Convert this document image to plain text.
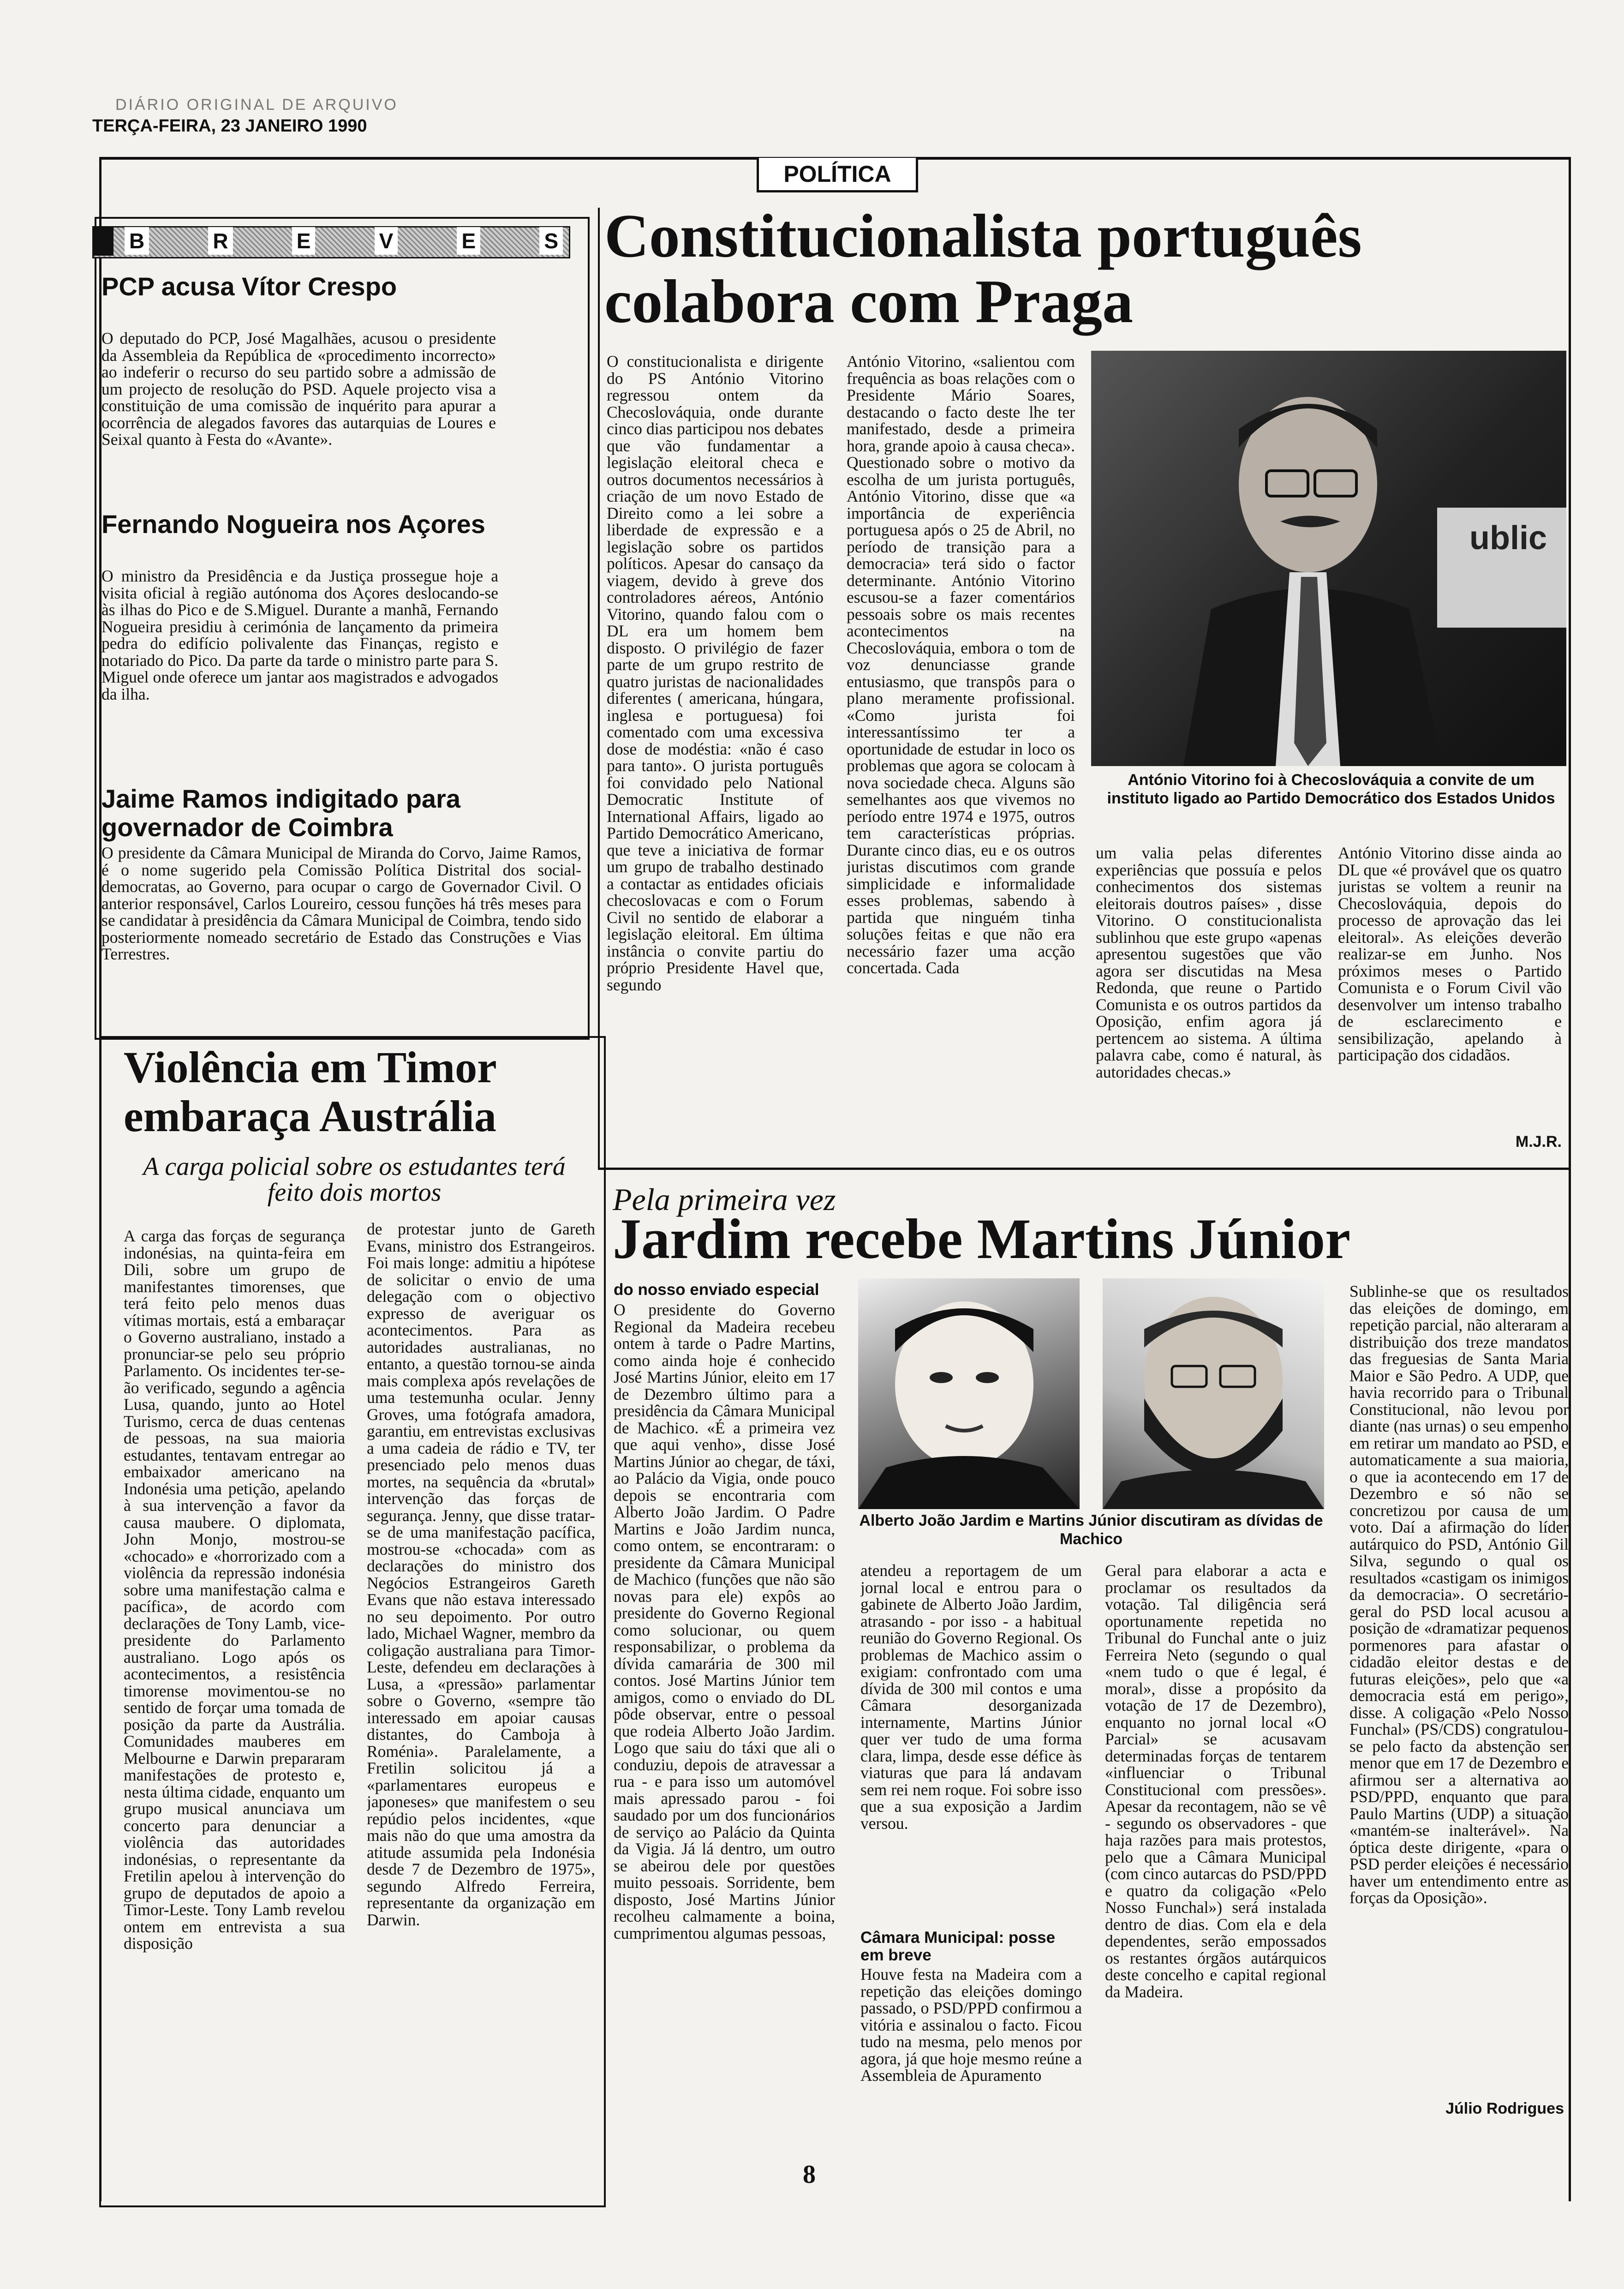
DIÁRIO ORIGINAL DE ARQUIVO
TERÇA-FEIRA, 23 JANEIRO 1990
POLÍTICA
B	R	E	V	E	S
PCP acusa Vítor Crespo
O deputado do PCP, José Magalhães, acusou o presidente da Assembleia da República de «procedimento incorrecto» ao indeferir o recurso do seu partido sobre a admissão de um projecto de resolução do PSD. Aquele projecto visa a constituição de uma comissão de inquérito para apurar a ocorrência de alegados favores das autarquias de Loures e Seixal quanto à Festa do «Avante».
Fernando Nogueira nos Açores
O ministro da Presidência e da Justiça prossegue hoje a visita oficial à região autónoma dos Açores deslocando-se às ilhas do Pico e de S.Miguel. Durante a manhã, Fernando Nogueira presidiu à cerimónia de lançamento da primeira pedra do edifício polivalente das Finanças, registo e notariado do Pico. Da parte da tarde o ministro parte para S. Miguel onde oferece um jantar aos magistrados e advogados da ilha.
Jaime Ramos indigitado para governador de Coimbra
O presidente da Câmara Municipal de Miranda do Corvo, Jaime Ramos, é o nome sugerido pela Comissão Política Distrital dos social-democratas, ao Governo, para ocupar o cargo de Governador Civil. O anterior responsável, Carlos Loureiro, cessou funções há três meses para se candidatar à presidência da Câmara Municipal de Coimbra, tendo sido posteriormente nomeado secretário de Estado das Construções e Vias Terrestres.
Constitucionalista português colabora com Praga
O constitucionalista e dirigente do PS António Vitorino regressou ontem da Checoslováquia, onde durante cinco dias participou nos debates que vão fundamentar a legislação eleitoral checa e outros documentos necessários à criação de um novo Estado de Direito como a lei sobre a liberdade de expressão e a legislação sobre os partidos políticos. Apesar do cansaço da viagem, devido à greve dos controladores aéreos, António Vitorino, quando falou com o DL era um homem bem disposto. O privilégio de fazer parte de um grupo restrito de quatro juristas de nacionalidades diferentes ( americana, húngara, inglesa e portuguesa) foi comentado com uma excessiva dose de modéstia: «não é caso para tanto». O jurista português foi convidado pelo National Democratic Institute of International Affairs, ligado ao Partido Democrático Americano, que teve a iniciativa de formar um grupo de trabalho destinado a contactar as entidades oficiais checoslovacas e com o Forum Civil no sentido de elaborar a legislação eleitoral. Em última instância o convite partiu do próprio Presidente Havel que, segundo
António Vitorino, «salientou com frequência as boas relações com o Presidente Mário Soares, destacando o facto deste lhe ter manifestado, desde a primeira hora, grande apoio à causa checa». Questionado sobre o motivo da escolha de um jurista português, António Vitorino, disse que «a importância de experiência portuguesa após o 25 de Abril, no período de transição para a democracia» terá sido o factor determinante. António Vitorino escusou-se a fazer comentários pessoais sobre os mais recentes acontecimentos na Checoslováquia, embora o tom de voz denunciasse grande entusiasmo, que transpôs para o plano meramente profissional. «Como jurista foi interessantíssimo ter a oportunidade de estudar in loco os problemas que agora se colocam à nova sociedade checa. Alguns são semelhantes aos que vivemos no período entre 1974 e 1975, outros tem características próprias. Durante cinco dias, eu e os outros juristas discutimos com grande simplicidade e informalidade esses problemas, sabendo à partida que ninguém tinha soluções feitas e que não era necessário fazer uma acção concertada. Cada
ublic
António Vitorino foi à Checoslováquia a convite de um instituto ligado ao Partido Democrático dos Estados Unidos
um valia pelas diferentes experiências que possuía e pelos conhecimentos dos sistemas eleitorais doutros países» , disse Vitorino. O constitucionalista sublinhou que este grupo «apenas apresentou sugestões que vão agora ser discutidas na Mesa Redonda, que reune o Partido Comunista e os outros partidos da Oposição, enfim agora já pertencem ao sistema. A última palavra cabe, como é natural, às autoridades checas.»
António Vitorino disse ainda ao DL que «é provável que os quatro juristas se voltem a reunir na Checoslováquia, depois do processo de aprovação das lei eleitoral». As eleições deverão realizar-se em Junho. Nos próximos meses o Partido Comunista e o Forum Civil vão desenvolver um intenso trabalho de esclarecimento e sensibilização, apelando à participação dos cidadãos.
M.J.R.
Violência em Timor embaraça Austrália
A carga policial sobre os estudantes terá feito dois mortos
A carga das forças de segurança indonésias, na quinta-feira em Dili, sobre um grupo de manifestantes timorenses, que terá feito pelo menos duas vítimas mortais, está a embaraçar o Governo australiano, instado a pronunciar-se pelo seu próprio Parlamento. Os incidentes ter-se-ão verificado, segundo a agência Lusa, quando, junto ao Hotel Turismo, cerca de duas centenas de pessoas, na sua maioria estudantes, tentavam entregar ao embaixador americano na Indonésia uma petição, apelando à sua intervenção a favor da causa maubere. O diplomata, John Monjo, mostrou-se «chocado» e «horrorizado com a violência da repressão indonésia sobre uma manifestação calma e pacífica», de acordo com declarações de Tony Lamb, vice-presidente do Parlamento australiano. Logo após os acontecimentos, a resistência timorense movimentou-se no sentido de forçar uma tomada de posição da parte da Austrália. Comunidades mauberes em Melbourne e Darwin prepararam manifestações de protesto e, nesta última cidade, enquanto um grupo musical anunciava um concerto para denunciar a violência das autoridades indonésias, o representante da Fretilin apelou à intervenção do grupo de deputados de apoio a Timor-Leste. Tony Lamb revelou ontem em entrevista a sua disposição
de protestar junto de Gareth Evans, ministro dos Estrangeiros. Foi mais longe: admitiu a hipótese de solicitar o envio de uma delegação com o objectivo expresso de averiguar os acontecimentos. Para as autoridades australianas, no entanto, a questão tornou-se ainda mais complexa após revelações de uma testemunha ocular. Jenny Groves, uma fotógrafa amadora, garantiu, em entrevistas exclusivas a uma cadeia de rádio e TV, ter presenciado pelo menos duas mortes, na sequência da «brutal» intervenção das forças de segurança. Jenny, que disse tratar-se de uma manifestação pacífica, mostrou-se «chocada» com as declarações do ministro dos Negócios Estrangeiros Gareth Evans que não estava interessado no seu depoimento. Por outro lado, Michael Wagner, membro da coligação australiana para Timor-Leste, defendeu em declarações à Lusa, a «pressão» parlamentar sobre o Governo, «sempre tão interessado em apoiar causas distantes, do Camboja à Roménia». Paralelamente, a Fretilin solicitou já a «parlamentares europeus e japoneses» que manifestem o seu repúdio pelos incidentes, «que mais não do que uma amostra da atitude assumida pela Indonésia desde 7 de Dezembro de 1975», segundo Alfredo Ferreira, representante da organização em Darwin.
Pela primeira vez
Jardim recebe Martins Júnior
do nosso enviado especial
O presidente do Governo Regional da Madeira recebeu ontem à tarde o Padre Martins, como ainda hoje é conhecido José Martins Júnior, eleito em 17 de Dezembro último para a presidência da Câmara Municipal de Machico. «É a primeira vez que aqui venho», disse José Martins Júnior ao chegar, de táxi, ao Palácio da Vigia, onde pouco depois se encontraria com Alberto João Jardim. O Padre Martins e João Jardim nunca, como ontem, se encontraram: o presidente da Câmara Municipal de Machico (funções que não são novas para ele) expôs ao presidente do Governo Regional como solucionar, ou quem responsabilizar, o problema da dívida camarária de 300 mil contos. José Martins Júnior tem amigos, como o enviado do DL pôde observar, entre o pessoal que rodeia Alberto João Jardim. Logo que saiu do táxi que ali o conduziu, depois de atravessar a rua - e para isso um automóvel mais apressado parou - foi saudado por um dos funcionários de serviço ao Palácio da Quinta da Vigia. Já lá dentro, um outro se abeirou dele por questões muito pessoais. Sorridente, bem disposto, José Martins Júnior recolheu calmamente a boina, cumprimentou algumas pessoas,
Alberto João Jardim e Martins Júnior discutiram as dívidas de Machico
atendeu a reportagem de um jornal local e entrou para o gabinete de Alberto João Jardim, atrasando - por isso - a habitual reunião do Governo Regional. Os problemas de Machico assim o exigiam: confrontado com uma dívida de 300 mil contos e uma Câmara desorganizada internamente, Martins Júnior quer ver tudo de uma forma clara, limpa, desde esse défice às viaturas que para lá andavam sem rei nem roque. Foi sobre isso que a sua exposição a Jardim versou.
Câmara Municipal: posse em breve
Houve festa na Madeira com a repetição das eleições domingo passado, o PSD/PPD confirmou a vitória e assinalou o facto. Ficou tudo na mesma, pelo menos por agora, já que hoje mesmo reúne a Assembleia de Apuramento
Geral para elaborar a acta e proclamar os resultados da votação. Tal diligência será oportunamente repetida no Tribunal do Funchal ante o juiz Ferreira Neto (segundo o qual «nem tudo o que é legal, é moral», disse a propósito da votação de 17 de Dezembro), enquanto no jornal local «O Parcial» se acusavam determinadas forças de tentarem «influenciar o Tribunal Constitucional com pressões». Apesar da recontagem, não se vê - segundo os observadores - que haja razões para mais protestos, pelo que a Câmara Municipal (com cinco autarcas do PSD/PPD e quatro da coligação «Pelo Nosso Funchal») será instalada dentro de dias. Com ela e dela dependentes, serão empossados os restantes órgãos autárquicos deste concelho e capital regional da Madeira.
Sublinhe-se que os resultados das eleições de domingo, em repetição parcial, não alteraram a distribuição dos treze mandatos das freguesias de Santa Maria Maior e São Pedro. A UDP, que havia recorrido para o Tribunal Constitucional, não levou por diante (nas urnas) o seu empenho em retirar um mandato ao PSD, e automaticamente a sua maioria, o que ia acontecendo em 17 de Dezembro e só não se concretizou por causa de um voto. Daí a afirmação do líder autárquico do PSD, António Gil Silva, segundo o qual os resultados «castigam os inimigos da democracia». O secretário-geral do PSD local acusou a posição de «dramatizar pequenos pormenores para afastar o cidadão eleitor destas e de futuras eleições», pelo que «a democracia está em perigo», disse. A coligação «Pelo Nosso Funchal» (PS/CDS) congratulou-se pelo facto da abstenção ser menor que em 17 de Dezembro e afirmou ser a alternativa ao PSD/PPD, enquanto que para Paulo Martins (UDP) a situação «mantém-se inalterável». Na óptica deste dirigente, «para o PSD perder eleições é necessário haver um entendimento entre as forças da Oposição».
Júlio Rodrigues
8
